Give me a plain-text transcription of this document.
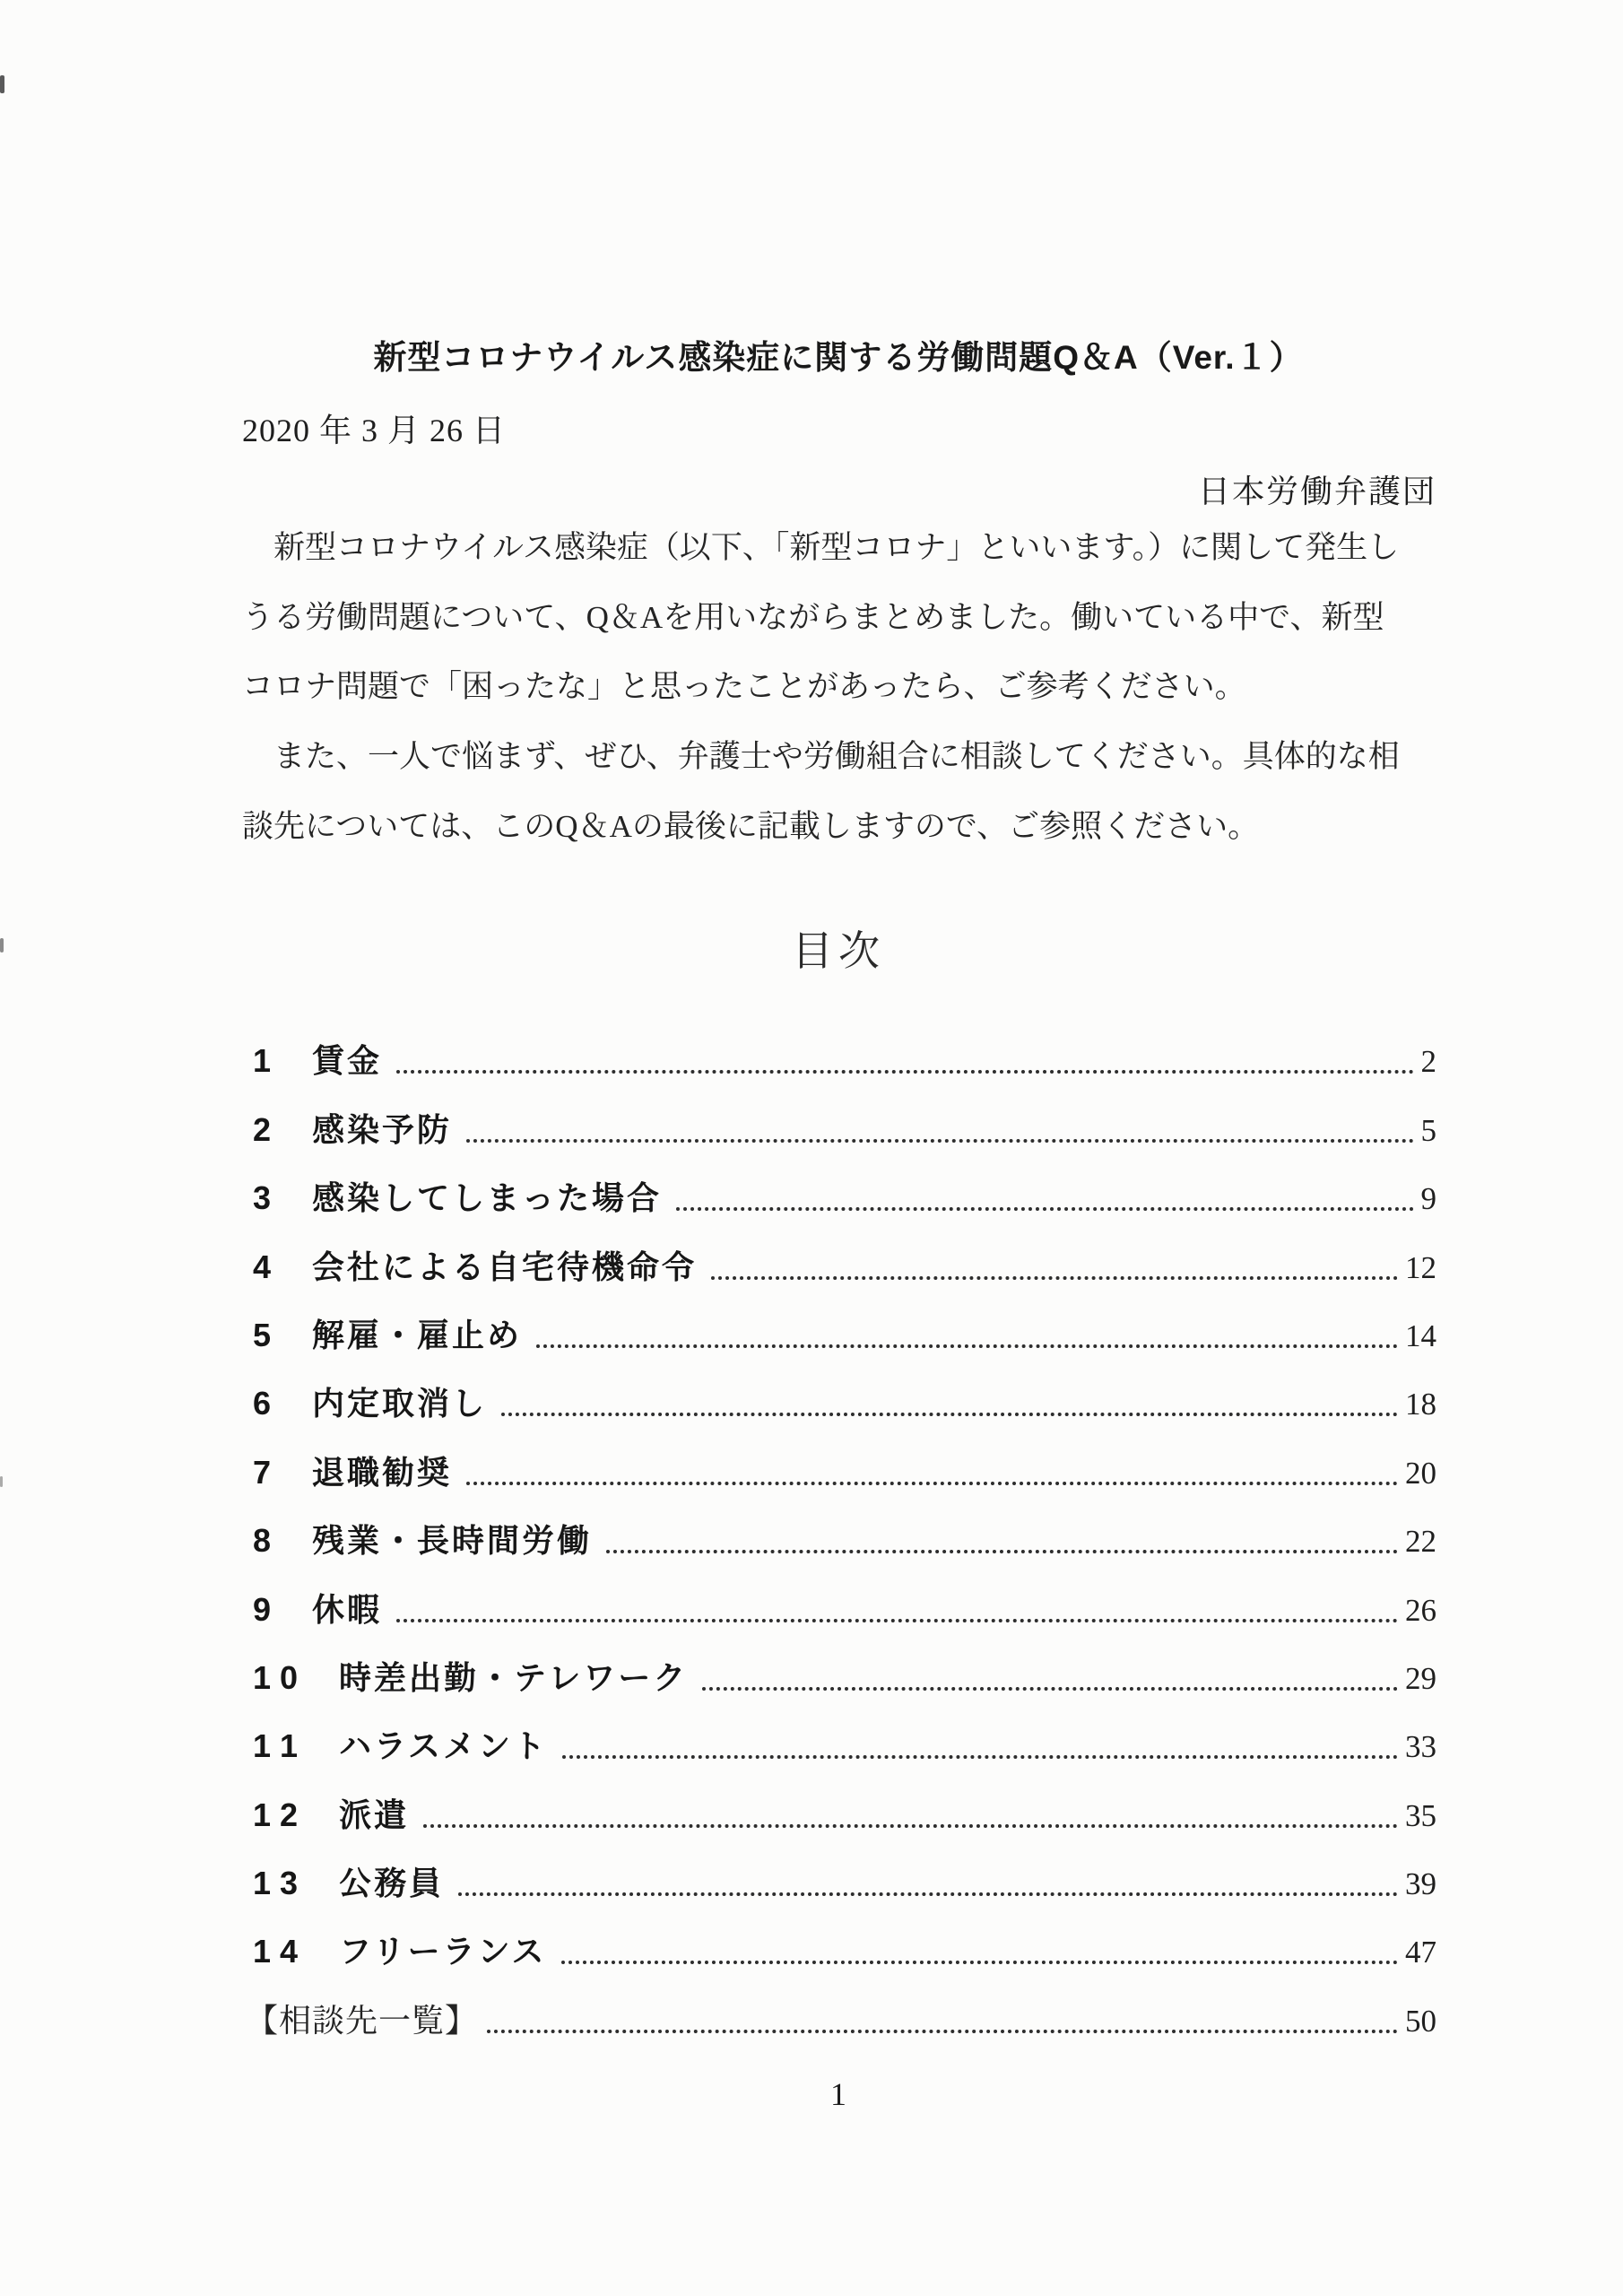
新型コロナウイルス感染症に関する労働問題Q＆A（Ver.１）
2020 年 3 月 26 日
日本労働弁護団
　新型コロナウイルス感染症（以下、「新型コロナ」といいます。）に関して発生し
うる労働問題について、Q＆Aを用いながらまとめました。働いている中で、新型
コロナ問題で「困ったな」と思ったことがあったら、ご参考ください。
　また、一人で悩まず、ぜひ、弁護士や労働組合に相談してください。具体的な相
談先については、このQ＆Aの最後に記載しますので、ご参照ください。
目次
1 賃金	2
2 感染予防	5
3 感染してしまった場合	9
4 会社による自宅待機命令	12
5 解雇・雇止め	14
6 内定取消し	18
7 退職勧奨	20
8 残業・長時間労働	22
9 休暇	26
1 0 時差出勤・テレワーク	29
1 1 ハラスメント	33
1 2 派遣	35
1 3 公務員	39
1 4 フリーランス	47
【相談先一覧】	50
1
